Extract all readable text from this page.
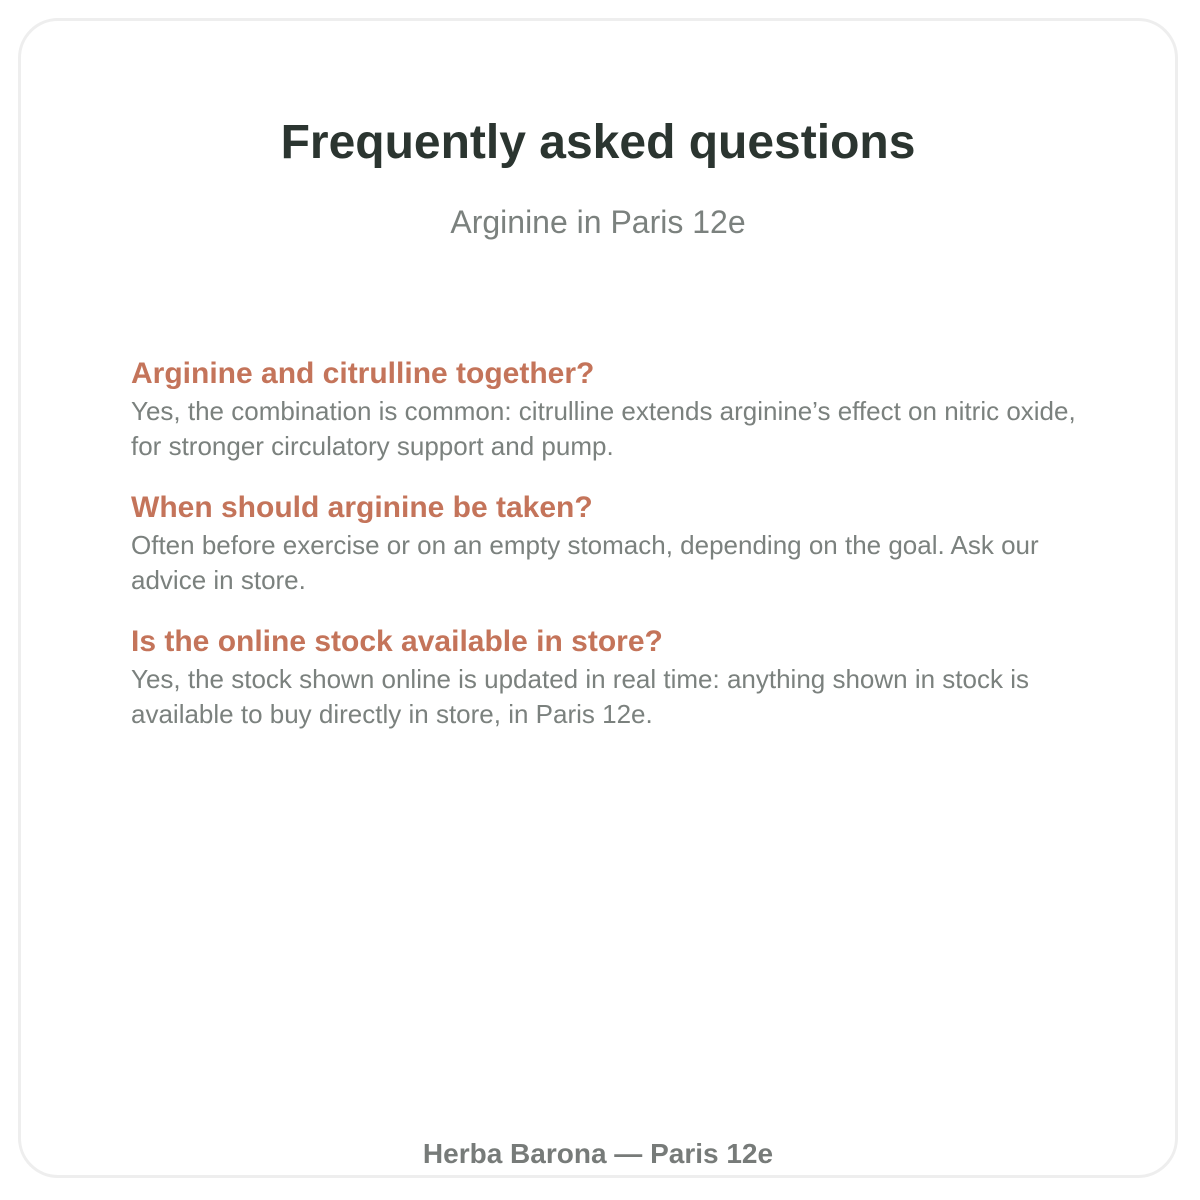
Frequently asked questions
Arginine in Paris 12e
Arginine and citrulline together?

Yes, the combination is common: citrulline extends arginine’s effect on nitric oxide, for stronger circulatory support and pump.

When should arginine be taken?

Often before exercise or on an empty stomach, depending on the goal. Ask our advice in store.

Is the online stock available in store?

Yes, the stock shown online is updated in real time: anything shown in stock is available to buy directly in store, in Paris 12e.

Herba Barona — Paris 12e
